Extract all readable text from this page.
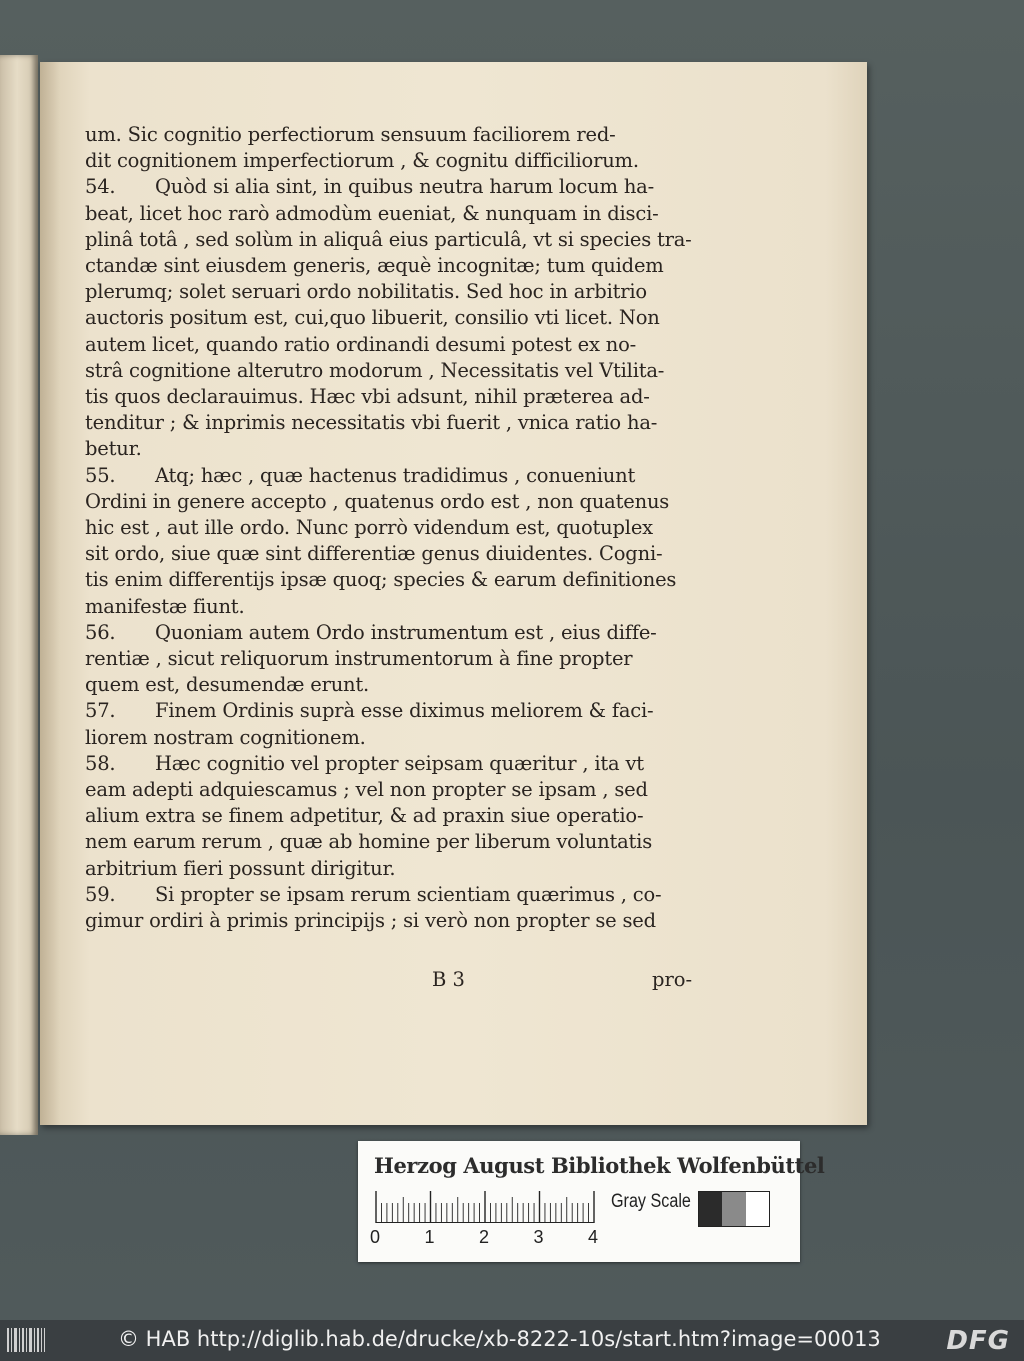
um. Sic cognitio perfectiorum sensuum faciliorem red-
dit cognitionem imperfectiorum , & cognitu difficiliorum.
54. Quòd si alia sint, in quibus neutra harum locum ha-
beat, licet hoc rarò admodùm eueniat, & nunquam in disci-
plinâ totâ , sed solùm in aliquâ eius particulâ, vt si species tra-
ctandæ sint eiusdem generis, æquè incognitæ; tum quidem
plerumq; solet seruari ordo nobilitatis. Sed hoc in arbitrio
auctoris positum est, cui,quo libuerit, consilio vti licet. Non
autem licet, quando ratio ordinandi desumi potest ex no-
strâ cognitione alterutro modorum , Necessitatis vel Vtilita-
tis quos declarauimus. Hæc vbi adsunt, nihil præterea ad-
tenditur ; & inprimis necessitatis vbi fuerit , vnica ratio ha-
betur.
55. Atq; hæc , quæ hactenus tradidimus , conueniunt
Ordini in genere accepto , quatenus ordo est , non quatenus
hic est , aut ille ordo. Nunc porrò videndum est, quotuplex
sit ordo, siue quæ sint differentiæ genus diuidentes. Cogni-
tis enim differentijs ipsæ quoq; species & earum definitiones
manifestæ fiunt.
56. Quoniam autem Ordo instrumentum est , eius diffe-
rentiæ , sicut reliquorum instrumentorum à fine propter
quem est, desumendæ erunt.
57. Finem Ordinis suprà esse diximus meliorem & faci-
liorem nostram cognitionem.
58. Hæc cognitio vel propter seipsam quæritur , ita vt
eam adepti adquiescamus ; vel non propter se ipsam , sed
alium extra se finem adpetitur, & ad praxin siue operatio-
nem earum rerum , quæ ab homine per liberum voluntatis
arbitrium fieri possunt dirigitur.
59. Si propter se ipsam rerum scientiam quærimus , co-
gimur ordiri à primis principijs ; si verò non propter se sed
B 3	pro-
Herzog August Bibliothek Wolfenbüttel
0 1 2 3 4
Gray Scale
© HAB http://diglib.hab.de/drucke/xb-8222-10s/start.htm?image=00013	DFG
